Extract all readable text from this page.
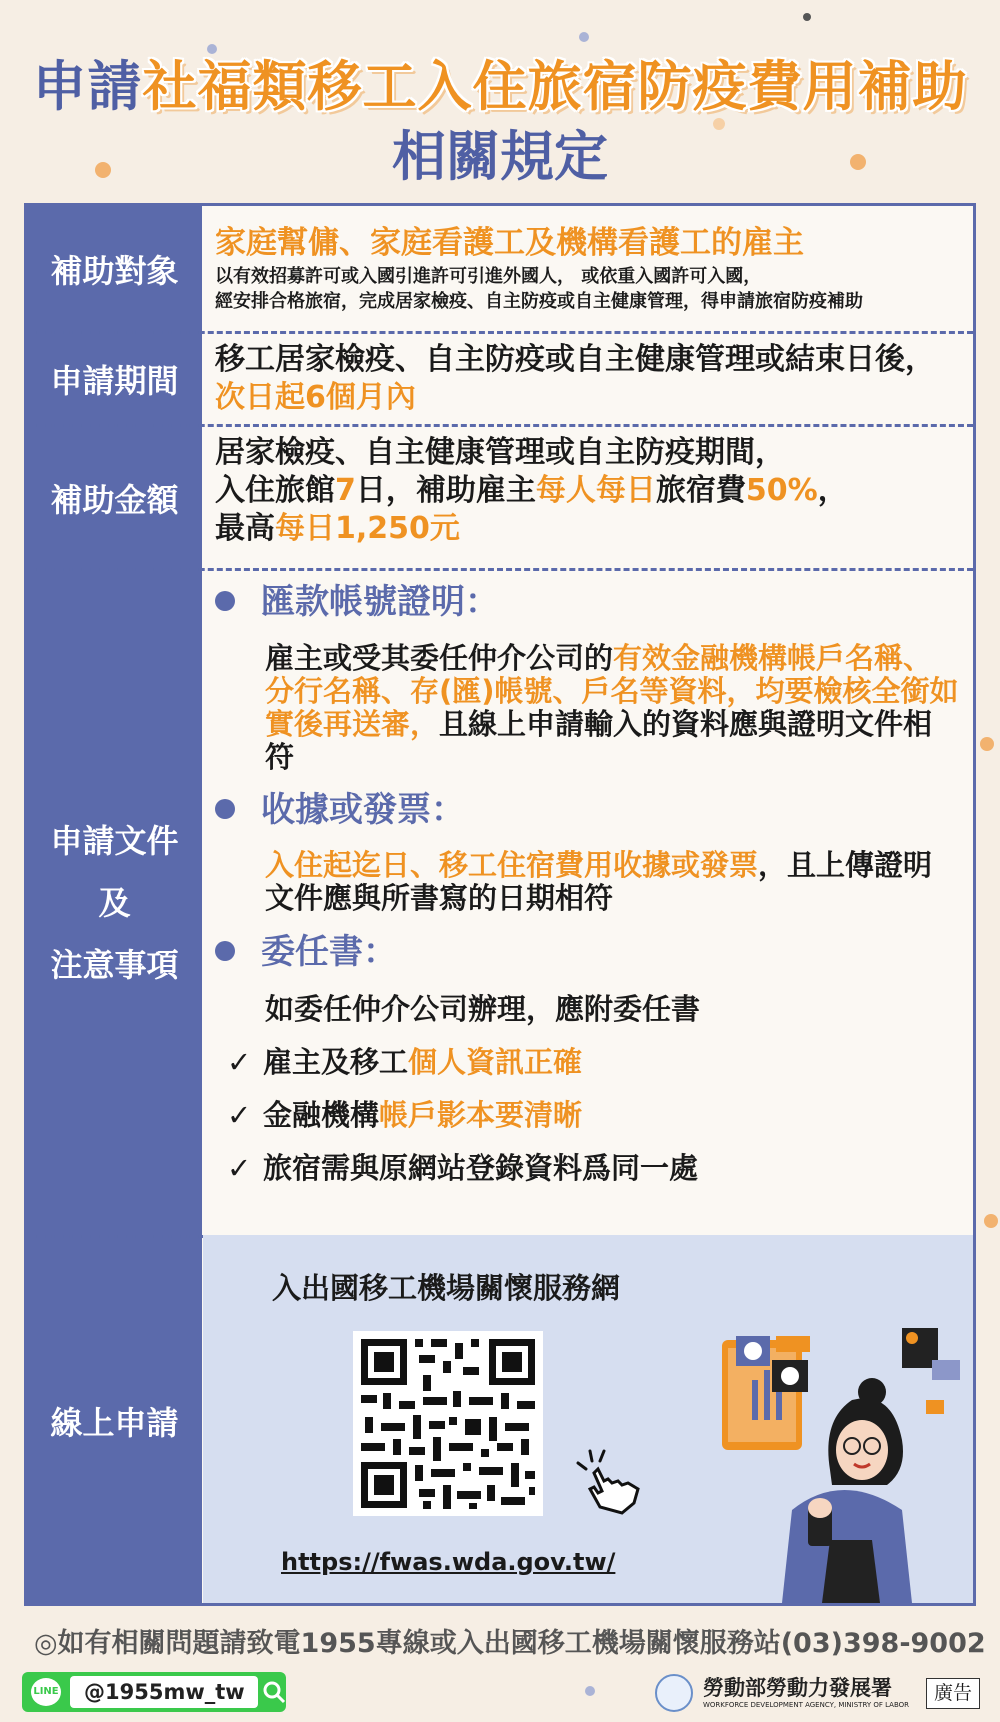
申請社福類移工入住旅宿防疫費用補助
相關規定
補助對象
家庭幫傭、家庭看護工及機構看護工的雇主
以有效招募許可或入國引進許可引進外國人， 或依重入國許可入國，
經安排合格旅宿，完成居家檢疫、自主防疫或自主健康管理，得申請旅宿防疫補助
申請期間
移工居家檢疫、自主防疫或自主健康管理或結束日後，
次日起6個月內
補助金額
居家檢疫、自主健康管理或自主防疫期間，
入住旅館7日，補助雇主每人每日旅宿費50%，
最高每日1,250元
申請文件
及
注意事項
匯款帳號證明：
雇主或受其委任仲介公司的有效金融機構帳戶名稱、分行名稱、存(匯)帳號、戶名等資料，均要檢核全銜如實後再送審，且線上申請輸入的資料應與證明文件相符
收據或發票：
入住起迄日、移工住宿費用收據或發票，且上傳證明文件應與所書寫的日期相符
委任書：
如委任仲介公司辦理，應附委任書
✓ 雇主及移工個人資訊正確
✓ 金融機構帳戶影本要清晰
✓ 旅宿需與原網站登錄資料爲同一處
線上申請
入出國移工機場關懷服務網
https://fwas.wda.gov.tw/
◎如有相關問題請致電1955專線或入出國移工機場關懷服務站(03)398-9002
LINE	@1955mw_tw	勞動部勞動力發展署
WORKFORCE DEVELOPMENT AGENCY, MINISTRY OF LABOR
廣告
